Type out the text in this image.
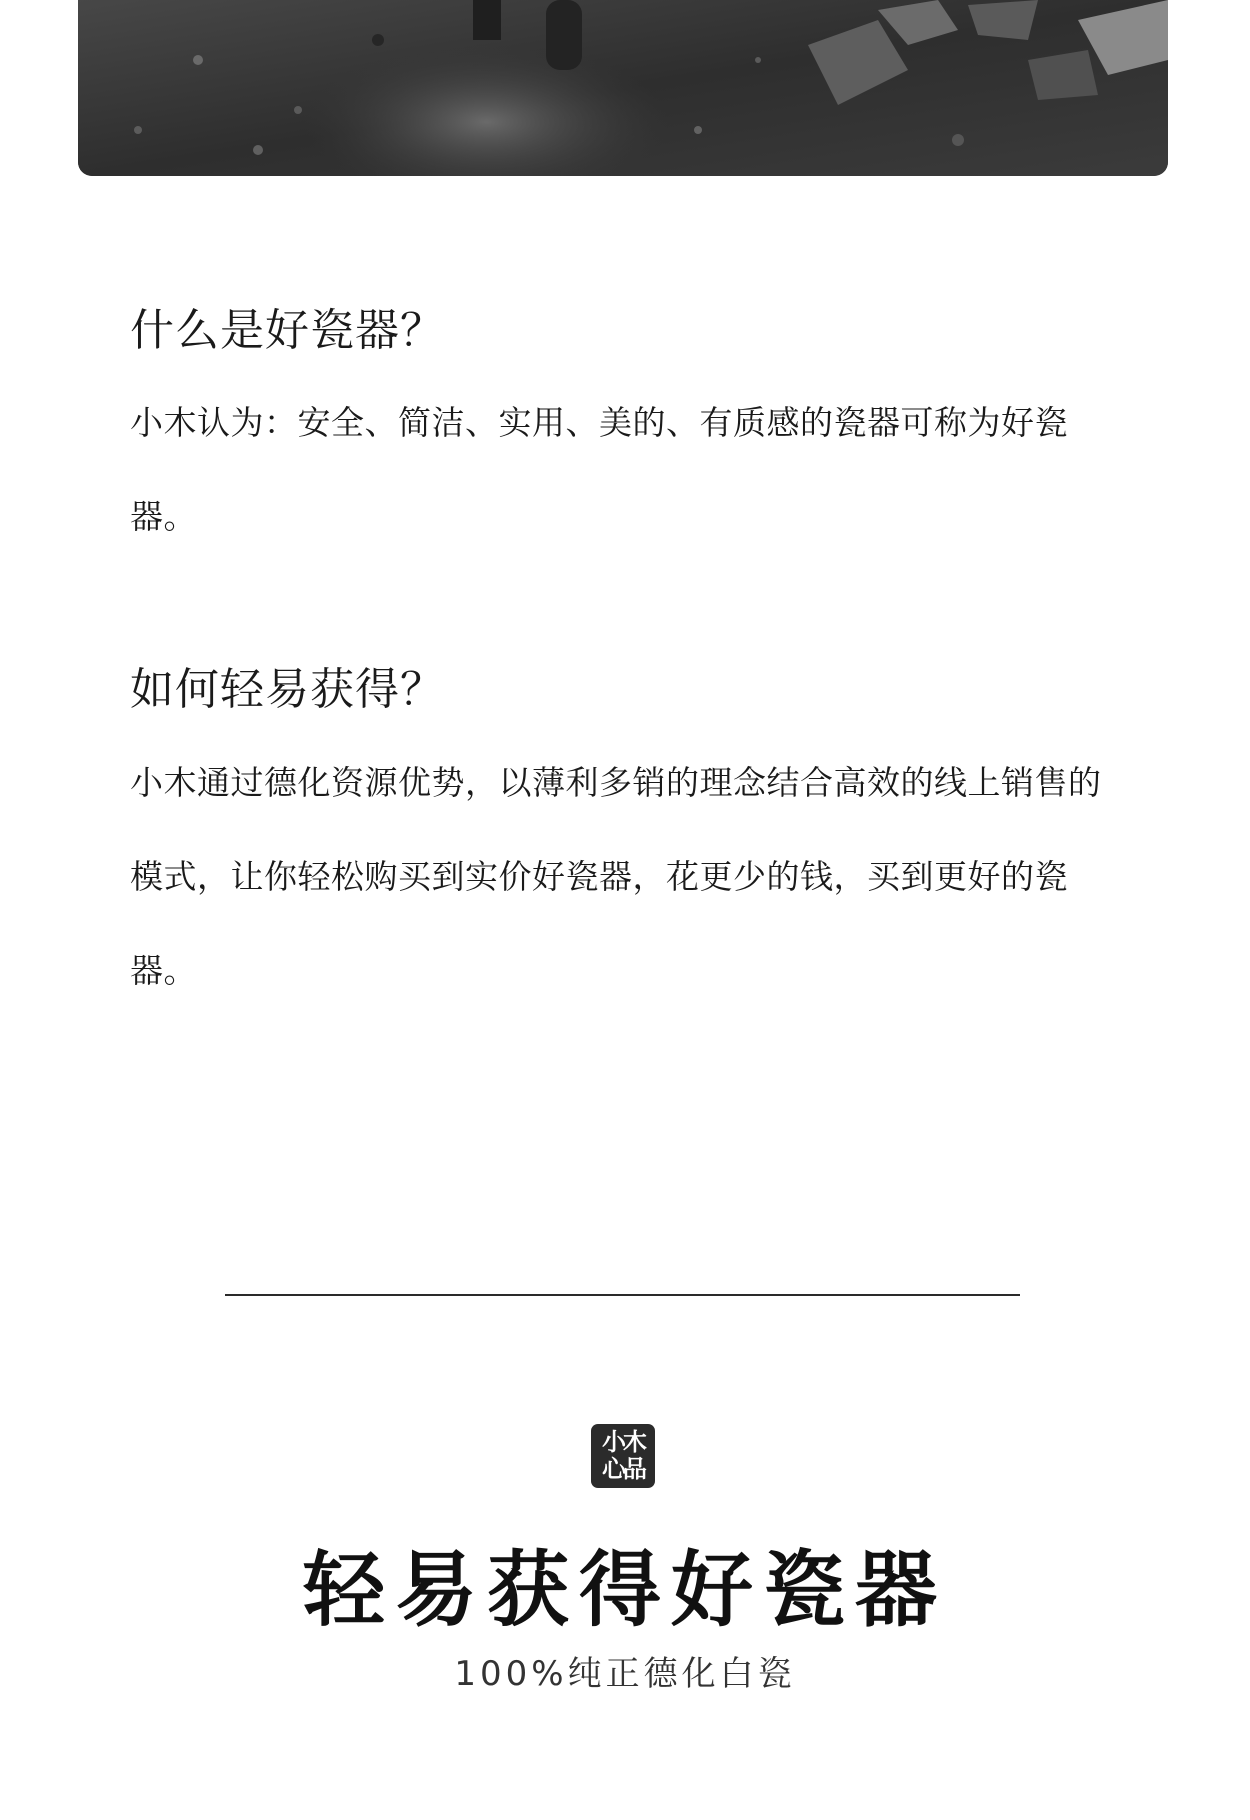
什么是好瓷器？

小木认为：安全、简洁、实用、美的、有质感的瓷器可称为好瓷器。

如何轻易获得？

小木通过德化资源优势，以薄利多销的理念结合高效的线上销售的模式，让你轻松购买到实价好瓷器，花更少的钱，买到更好的瓷器。

小木
心品
轻易获得好瓷器

100%纯正德化白瓷
